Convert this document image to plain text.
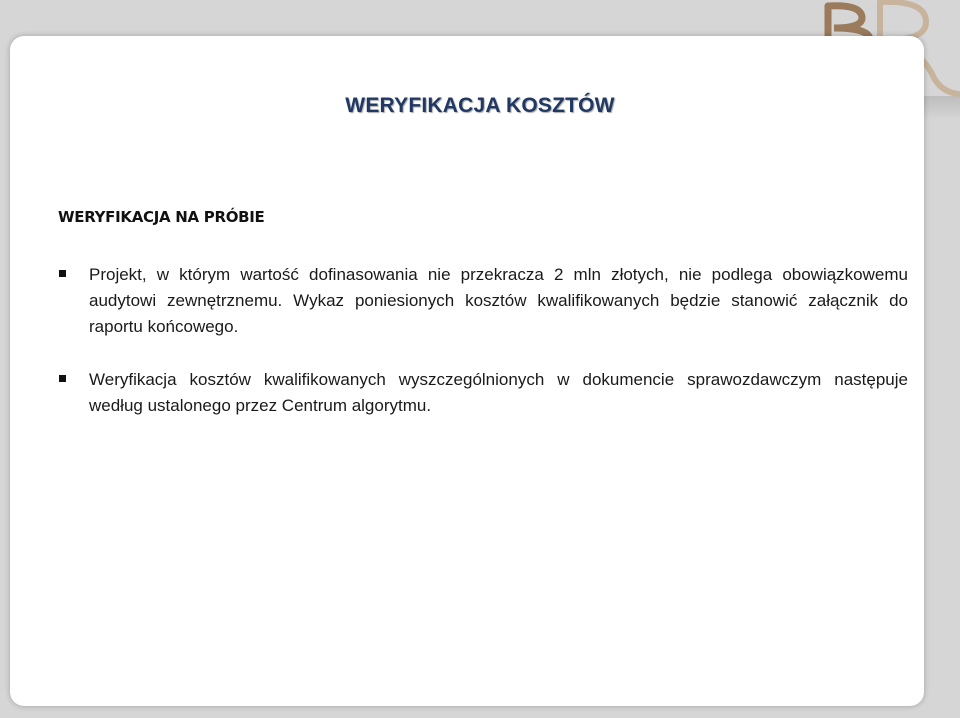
WERYFIKACJA KOSZTÓW
WERYFIKACJA NA PRÓBIE
Projekt, w którym wartość dofinasowania nie przekracza 2 mln złotych, nie podlega obowiązkowemu audytowi zewnętrznemu. Wykaz poniesionych kosztów kwalifikowanych będzie stanowić załącznik do raportu końcowego.
Weryfikacja kosztów kwalifikowanych wyszczególnionych w dokumencie sprawozdawczym następuje według ustalonego przez Centrum algorytmu.
